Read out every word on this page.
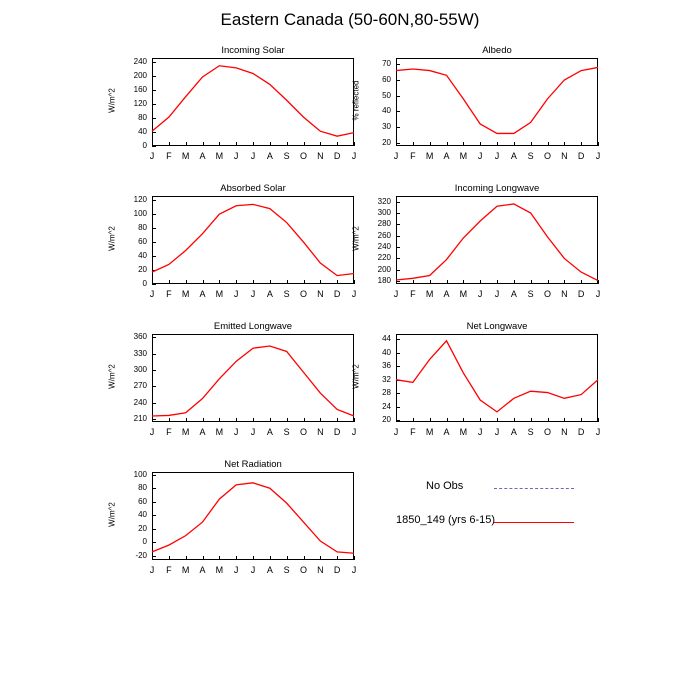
Eastern Canada (50-60N,80-55W)
Incoming Solar
0
40
80
120
160
200
240
J	F	M	A	M	J	J	A	S	O	N	D	J
W/m^2
Albedo
20
30
40
50
60
70
J	F	M	A	M	J	J	A	S	O	N	D	J
% reflected
Absorbed Solar
0
20
40
60
80
100
120
J	F	M	A	M	J	J	A	S	O	N	D	J
W/m^2
Incoming Longwave
180
200
220
240
260
280
300
320
J	F	M	A	M	J	J	A	S	O	N	D	J
W/m^2
Emitted Longwave
210
240
270
300
330
360
J	F	M	A	M	J	J	A	S	O	N	D	J
W/m^2
Net Longwave
20
24
28
32
36
40
44
J	F	M	A	M	J	J	A	S	O	N	D	J
W/m^2
Net Radiation
-20
0
20
40
60
80
100
J	F	M	A	M	J	J	A	S	O	N	D	J
W/m^2
No Obs
1850_149 (yrs 6-15)
